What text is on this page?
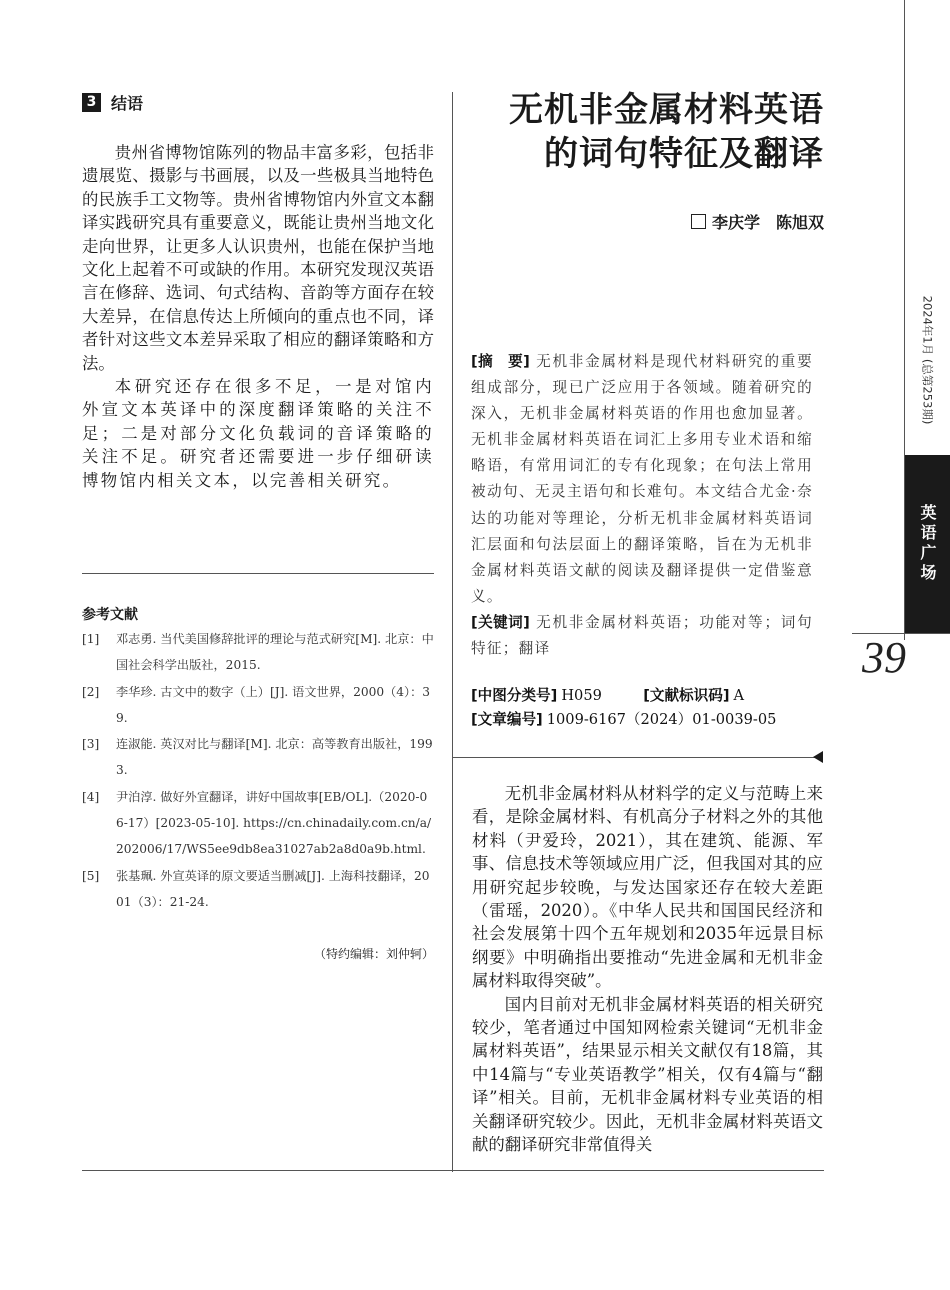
3 结语

贵州省博物馆陈列的物品丰富多彩，包括非遗展览、摄影与书画展，以及一些极具当地特色的民族手工文物等。贵州省博物馆内外宣文本翻译实践研究具有重要意义，既能让贵州当地文化走向世界，让更多人认识贵州，也能在保护当地文化上起着不可或缺的作用。本研究发现汉英语言在修辞、选词、句式结构、音韵等方面存在较大差异，在信息传达上所倾向的重点也不同，译者针对这些文本差异采取了相应的翻译策略和方法。

本研究还存在很多不足，一是对馆内外宣文本英译中的深度翻译策略的关注不足；二是对部分文化负载词的音译策略的关注不足。研究者还需要进一步仔细研读博物馆内相关文本，以完善相关研究。

参考文献
[1]	邓志勇. 当代美国修辞批评的理论与范式研究[M]. 北京：中国社会科学出版社，2015.
[2]	李华珍. 古文中的数字（上）[J]. 语文世界，2000（4）：39.
[3]	连淑能. 英汉对比与翻译[M]. 北京：高等教育出版社，1993.
[4]	尹泊淳. 做好外宣翻译，讲好中国故事[EB/OL].（2020-06-17）[2023-05-10]. https://cn.chinadaily.com.cn/a/202006/17/WS5ee9db8ea31027ab2a8d0a9b.html.
[5]	张基珮. 外宣英译的原文要适当删减[J]. 上海科技翻译，2001（3）：21-24.
（特约编辑：刘仲轲）
无机非金属材料英语
的词句特征及翻译
李庆学　陈旭双
[摘　要] 无机非金属材料是现代材料研究的重要组成部分，现已广泛应用于各领域。随着研究的深入，无机非金属材料英语的作用也愈加显著。无机非金属材料英语在词汇上多用专业术语和缩略语，有常用词汇的专有化现象；在句法上常用被动句、无灵主语句和长难句。本文结合尤金·奈达的功能对等理论，分析无机非金属材料英语词汇层面和句法层面上的翻译策略，旨在为无机非金属材料英语文献的阅读及翻译提供一定借鉴意义。
[关键词] 无机非金属材料英语；功能对等；词句特征；翻译
[中图分类号] H059	[文献标识码] A
[文章编号] 1009-6167（2024）01-0039-05

无机非金属材料从材料学的定义与范畴上来看，是除金属材料、有机高分子材料之外的其他材料（尹爱玲，2021），其在建筑、能源、军事、信息技术等领域应用广泛，但我国对其的应用研究起步较晚，与发达国家还存在较大差距（雷瑶，2020）。《中华人民共和国国民经济和社会发展第十四个五年规划和2035年远景目标纲要》中明确指出要推动“先进金属和无机非金属材料取得突破”。

国内目前对无机非金属材料英语的相关研究较少，笔者通过中国知网检索关键词“无机非金属材料英语”，结果显示相关文献仅有18篇，其中14篇与“专业英语教学”相关，仅有4篇与“翻译”相关。目前，无机非金属材料专业英语的相关翻译研究较少。因此，无机非金属材料英语文献的翻译研究非常值得关

2024年1月 (总第253期)
英语广场
39
